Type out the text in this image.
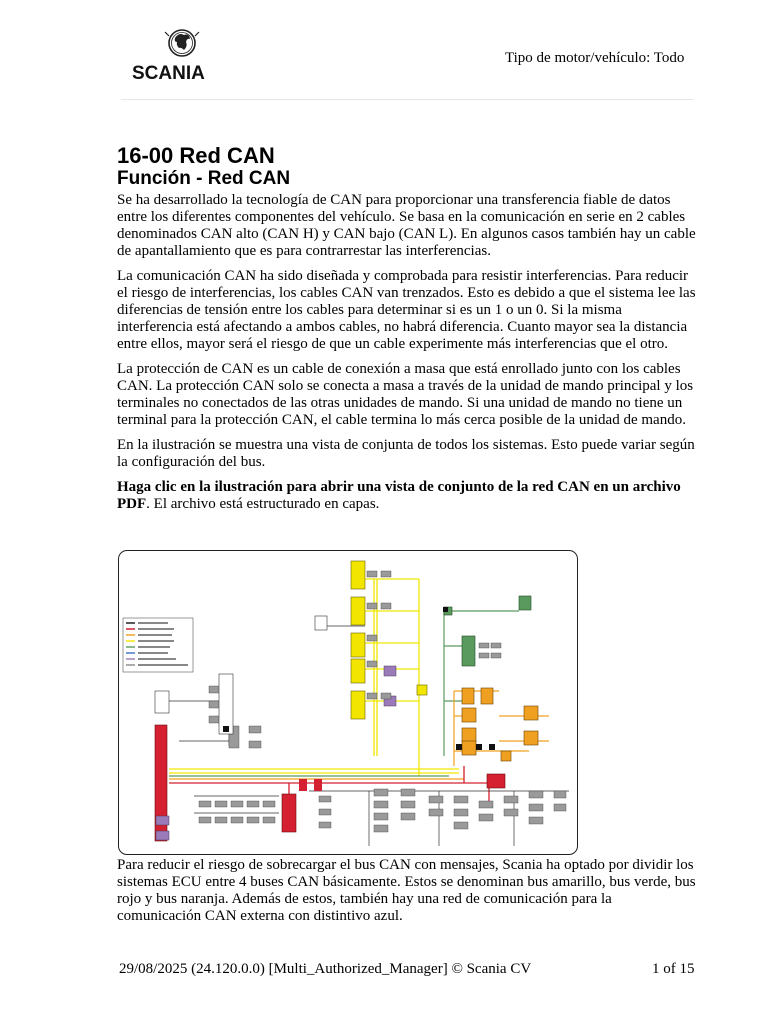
SCANIA
Tipo de motor/vehículo: Todo
16-00 Red CAN
Función - Red CAN

Se ha desarrollado la tecnología de CAN para proporcionar una transferencia fiable de datos entre los diferentes componentes del vehículo. Se basa en la comunicación en serie en 2 cables denominados CAN alto (CAN H) y CAN bajo (CAN L). En algunos casos también hay un cable de apantallamiento que es para contrarrestar las interferencias.

La comunicación CAN ha sido diseñada y comprobada para resistir interferencias. Para reducir el riesgo de interferencias, los cables CAN van trenzados. Esto es debido a que el sistema lee las diferencias de tensión entre los cables para determinar si es un 1 o un 0. Si la misma interferencia está afectando a ambos cables, no habrá diferencia. Cuanto mayor sea la distancia entre ellos, mayor será el riesgo de que un cable experimente más interferencias que el otro.

La protección de CAN es un cable de conexión a masa que está enrollado junto con los cables CAN. La protección CAN solo se conecta a masa a través de la unidad de mando principal y los terminales no conectados de las otras unidades de mando. Si una unidad de mando no tiene un terminal para la protección CAN, el cable termina lo más cerca posible de la unidad de mando.

En la ilustración se muestra una vista de conjunta de todos los sistemas. Esto puede variar según la configuración del bus.

Haga clic en la ilustración para abrir una vista de conjunto de la red CAN en un archivo PDF. El archivo está estructurado en capas.

Para reducir el riesgo de sobrecargar el bus CAN con mensajes, Scania ha optado por dividir los sistemas ECU entre 4 buses CAN básicamente. Estos se denominan bus amarillo, bus verde, bus rojo y bus naranja. Además de estos, también hay una red de comunicación para la comunicación CAN externa con distintivo azul.

29/08/2025 (24.120.0.0) [Multi_Authorized_Manager] © Scania CV	1 of 15
